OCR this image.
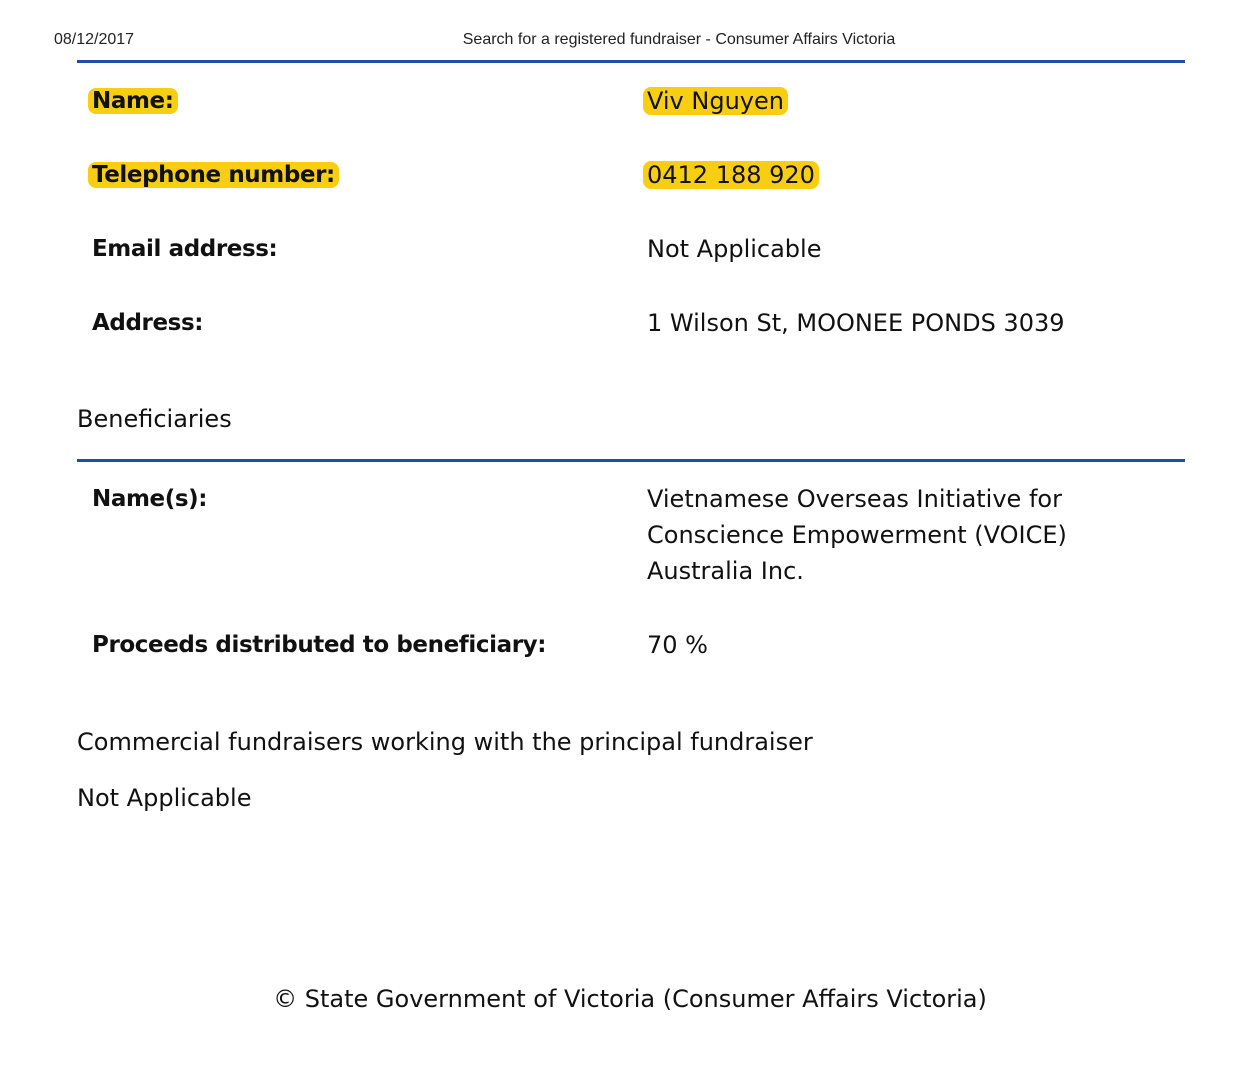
08/12/2017	Search for a registered fundraiser - Consumer Affairs Victoria
Name:	Viv Nguyen
Telephone number:	0412 188 920
Email address:	Not Applicable
Address:	1 Wilson St, MOONEE PONDS 3039
Beneficiaries
Name(s):	Vietnamese Overseas Initiative for Conscience Empowerment (VOICE) Australia Inc.
Proceeds distributed to beneficiary:	70 %
Commercial fundraisers working with the principal fundraiser
Not Applicable
© State Government of Victoria (Consumer Affairs Victoria)
